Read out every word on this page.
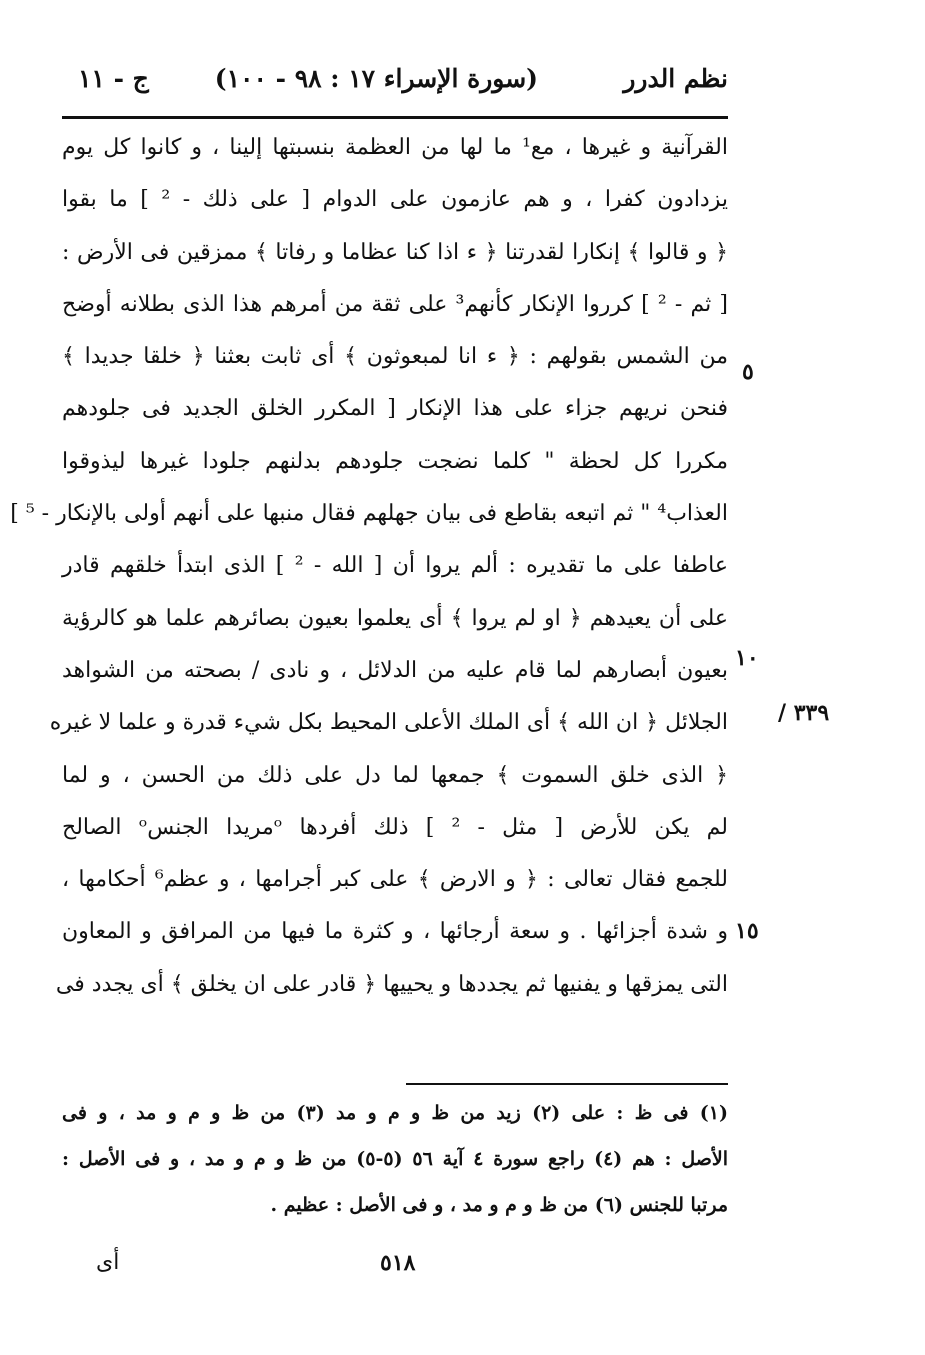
نظم الدرر
(سورة الإسراء ١٧ : ٩٨ - ١٠٠)
ج - ١١
القرآنية و غيرها ، مع¹ ما لها من العظمة بنسبتها إلينا ، و كانوا كل يوم
يزدادون كفرا ، و هم عازمون على الدوام [ على ذلك - ² ] ما بقوا
﴿ و قالوا ﴾ إنكارا لقدرتنا ﴿ ء اذا كنا عظاما و رفاتا ﴾ ممزقين فى الأرض :
[ ثم - ² ] كرروا الإنكار كأنهم³ على ثقة من أمرهم هذا الذى بطلانه أوضح
من الشمس بقولهم : ﴿ ء انا لمبعوثون ﴾ أى ثابت بعثنا ﴿ خلقا جديدا ﴾
فنحن نريهم جزاء على هذا الإنكار [ المكرر الخلق الجديد فى جلودهم
مكررا كل لحظة " كلما نضجت جلودهم بدلنهم جلودا غيرها ليذوقوا
العذاب⁴ " ثم اتبعه بقاطع فى بيان جهلهم فقال منبها على أنهم أولى بالإنكار - ⁵ ]
عاطفا على ما تقديره : ألم يروا أن [ الله - ² ] الذى ابتدأ خلقهم قادر
على أن يعيدهم ﴿ او لم يروا ﴾ أى يعلموا بعيون بصائرهم علما هو كالرؤية
بعيون أبصارهم لما قام عليه من الدلائل ، و نادى / بصحته من الشواهد
الجلائل ﴿ ان الله ﴾ أى الملك الأعلى المحيط بكل شيء قدرة و علما لا غيره
﴿ الذى خلق السموت ﴾ جمعها لما دل على ذلك من الحسن ، و لما
لم يكن للأرض [ مثل - ² ] ذلك أفردها ᵒمريدا الجنسᵒ الصالح
للجمع فقال تعالى : ﴿ و الارض ﴾ على كبر أجرامها ، و عظم⁶ أحكامها ،
و شدة أجزائها . و سعة أرجائها ، و كثرة ما فيها من المرافق و المعاون
التى يمزقها و يفنيها ثم يجددها و يحييها ﴿ قادر على ان يخلق ﴾ أى يجدد فى
٥
١٠
١٥
٣٣٩ /
(١) فى ظ : على (٢) زيد من ظ و م و مد (٣) من ظ و م و مد ، و فى
الأصل : هم (٤) راجع سورة ٤ آية ٥٦ (٥-٥) من ظ و م و مد ، و فى الأصل :
مرتبا للجنس (٦) من ظ و م و مد ، و فى الأصل : عظيم .
٥١٨
أى
